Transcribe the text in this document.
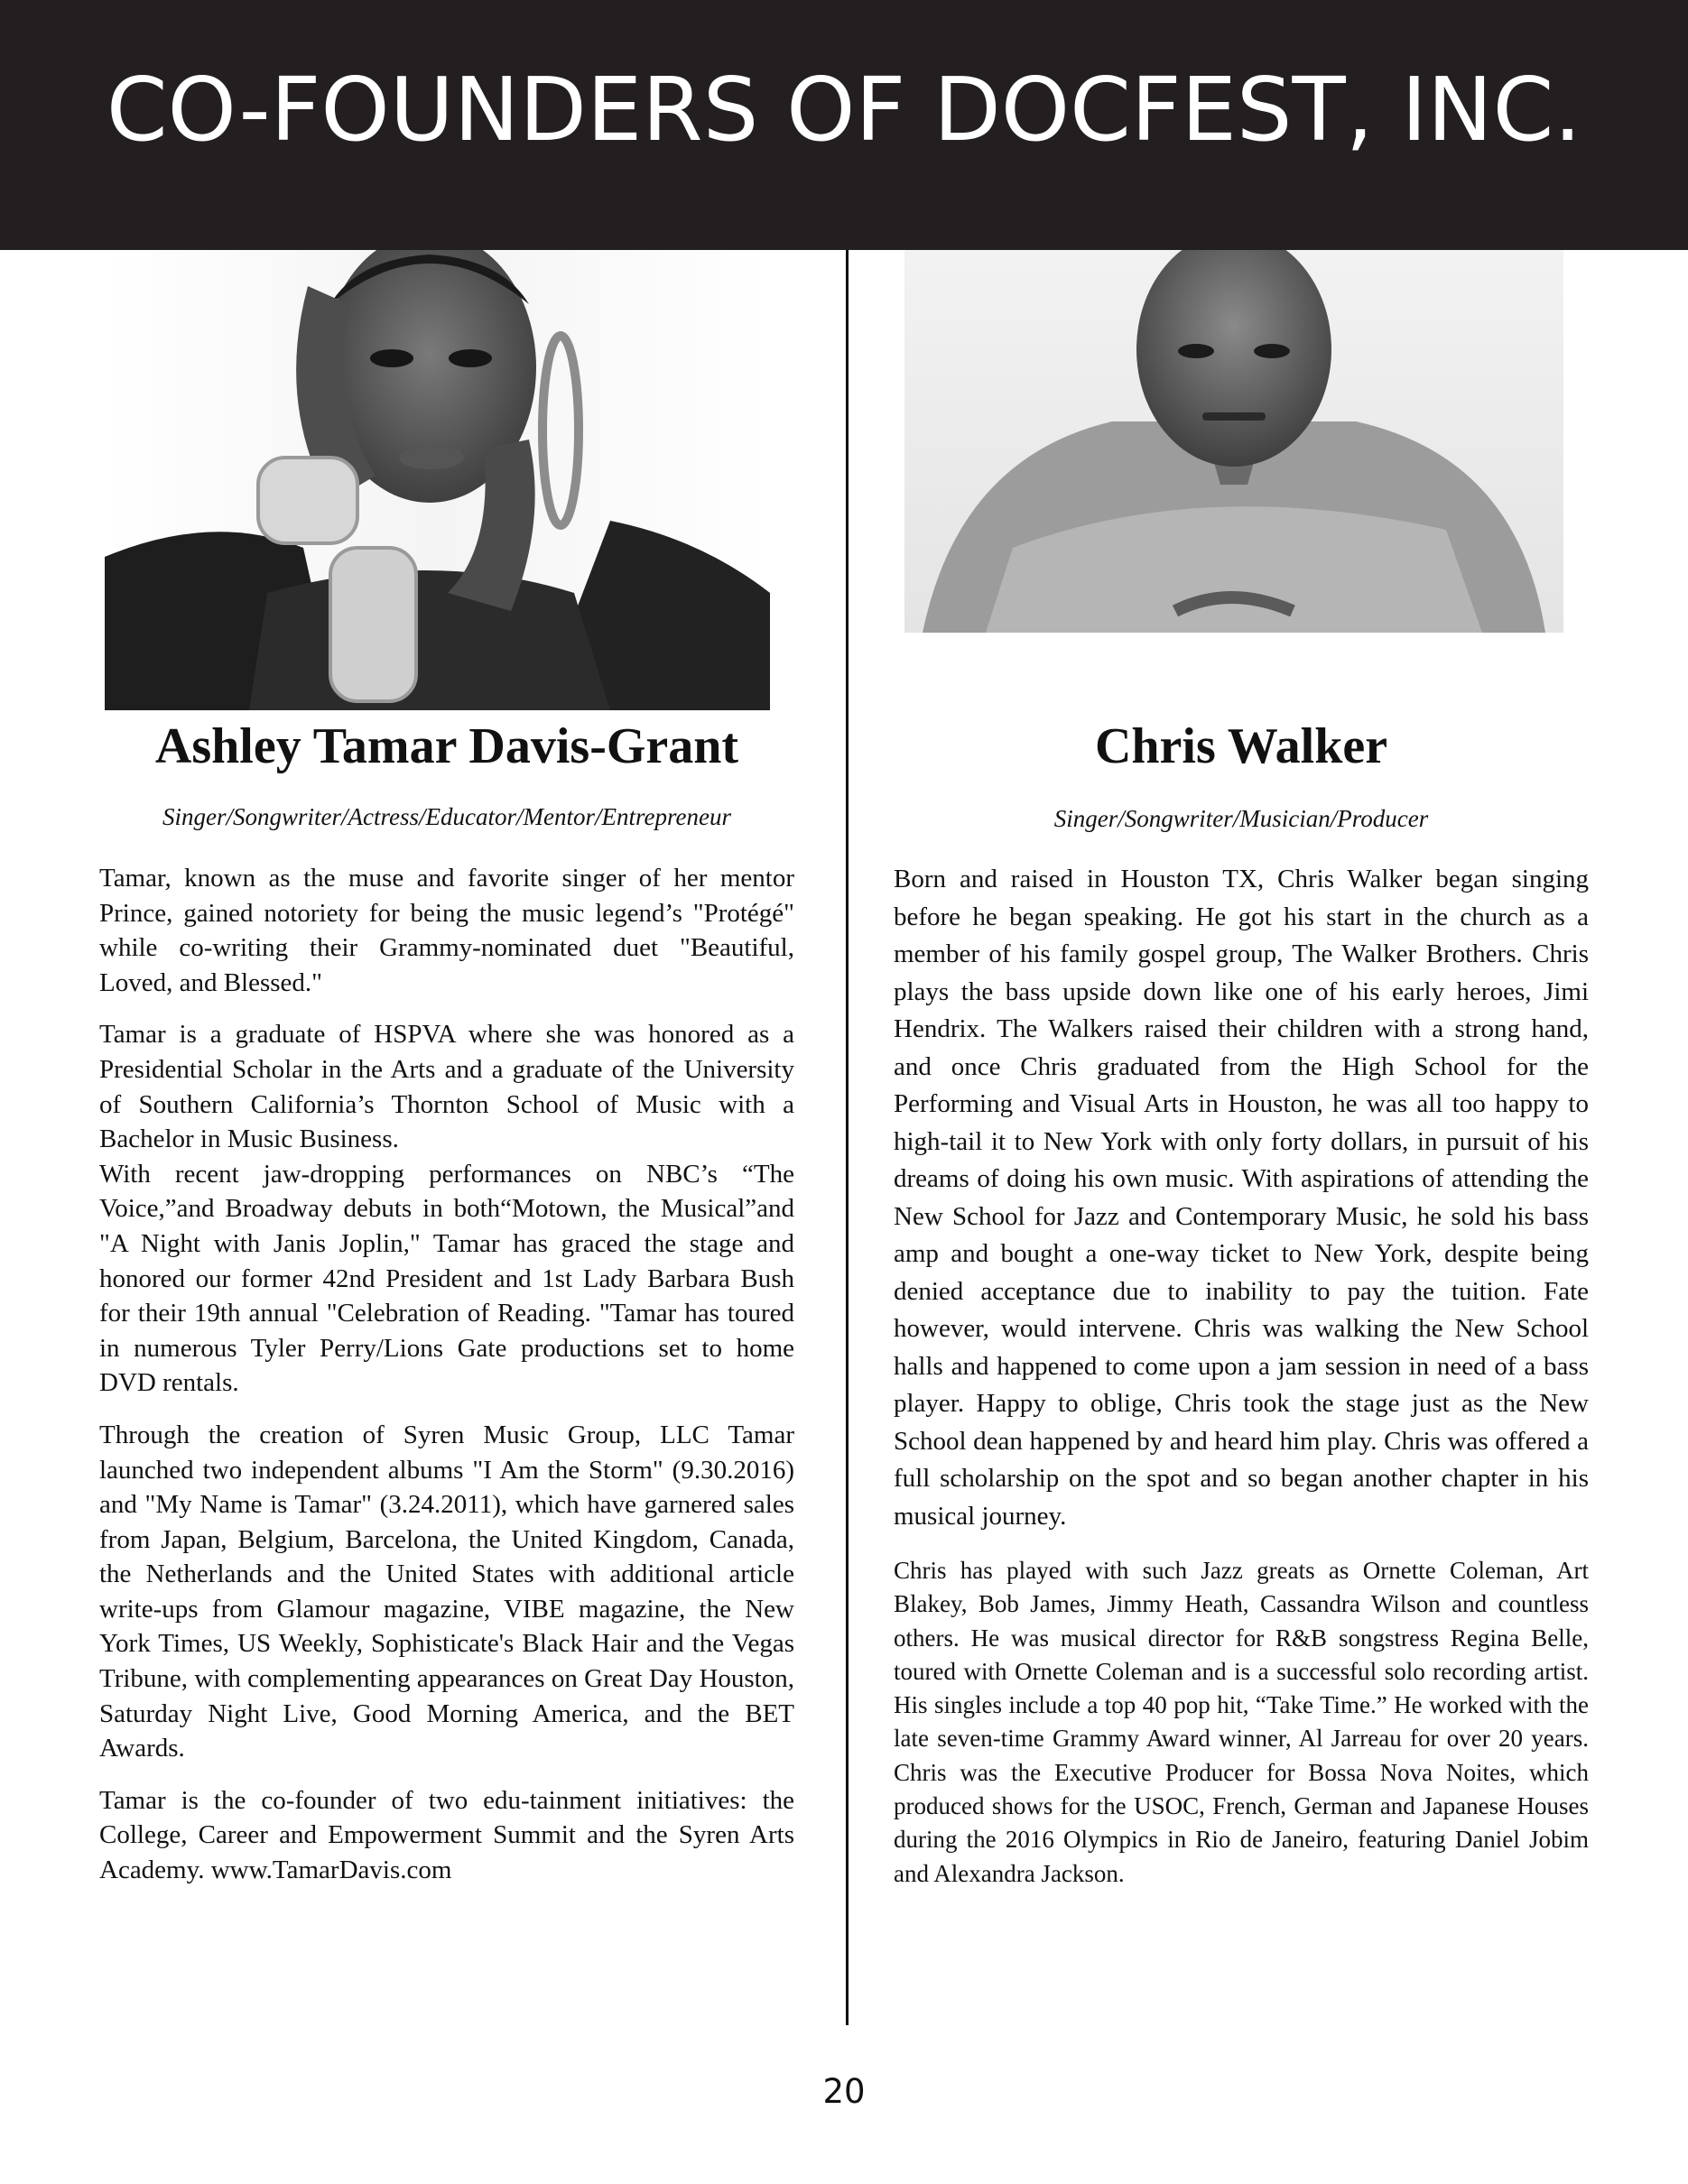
CO-FOUNDERS OF DOCFEST, INC.
Ashley Tamar Davis-Grant

Singer/Songwriter/Actress/Educator/Mentor/Entrepreneur

Chris Walker

Singer/Songwriter/Musician/Producer

Tamar, known as the muse and favorite singer of her mentor Prince, gained notoriety for being the music legend’s "Protégé" while co-writing their Grammy-nominated duet "Beautiful, Loved, and Blessed."

Tamar is a graduate of HSPVA where she was honored as a Presidential Scholar in the Arts and a graduate of the University of Southern California’s Thornton School of Music with a Bachelor in Music Business.

With recent jaw-dropping performances on NBC’s “The Voice,”and Broadway debuts in both“Motown, the Musical”and "A Night with Janis Joplin," Tamar has graced the stage and honored our former 42nd President and 1st Lady Barbara Bush for their 19th annual "Celebration of Reading. "Tamar has toured in numerous Tyler Perry/Lions Gate productions set to home DVD rentals.

Through the creation of Syren Music Group, LLC Tamar launched two independent albums "I Am the Storm" (9.30.2016) and "My Name is Tamar" (3.24.2011), which have garnered sales from Japan, Belgium, Barcelona, the United Kingdom, Canada, the Netherlands and the United States with additional article write-ups from Glamour magazine, VIBE magazine, the New York Times, US Weekly, Sophisticate's Black Hair and the Vegas Tribune, with complementing appearances on Great Day Houston, Saturday Night Live, Good Morning America, and the BET Awards.

Tamar is the co-founder of two edu-tainment initiatives: the College, Career and Empowerment Summit and the Syren Arts Academy. www.TamarDavis.com

Born and raised in Houston TX, Chris Walker began singing before he began speaking. He got his start in the church as a member of his family gospel group, The Walker Brothers. Chris plays the bass upside down like one of his early heroes, Jimi Hendrix. The Walkers raised their children with a strong hand, and once Chris graduated from the High School for the Performing and Visual Arts in Houston, he was all too happy to high-tail it to New York with only forty dollars, in pursuit of his dreams of doing his own music. With aspirations of attending the New School for Jazz and Contemporary Music, he sold his bass amp and bought a one-way ticket to New York, despite being denied acceptance due to inability to pay the tuition. Fate however, would intervene. Chris was walking the New School halls and happened to come upon a jam session in need of a bass player. Happy to oblige, Chris took the stage just as the New School dean happened by and heard him play. Chris was offered a full scholarship on the spot and so began another chapter in his musical journey.

Chris has played with such Jazz greats as Ornette Coleman, Art Blakey, Bob James, Jimmy Heath, Cassandra Wilson and countless others. He was musical director for R&B songstress Regina Belle, toured with Ornette Coleman and is a successful solo recording artist. His singles include a top 40 pop hit, “Take Time.” He worked with the late seven-time Grammy Award winner, Al Jarreau for over 20 years. Chris was the Executive Producer for Bossa Nova Noites, which produced shows for the USOC, French, German and Japanese Houses during the 2016 Olympics in Rio de Janeiro, featuring Daniel Jobim and Alexandra Jackson.

20
